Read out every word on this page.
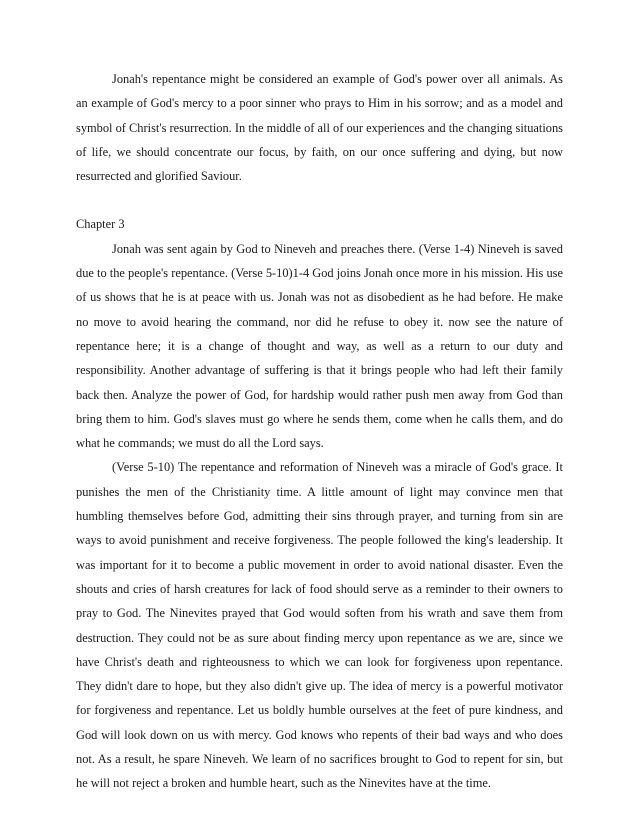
Jonah's repentance might be considered an example of God's power over all animals. As an example of God's mercy to a poor sinner who prays to Him in his sorrow; and as a model and symbol of Christ's resurrection. In the middle of all of our experiences and the changing situations of life, we should concentrate our focus, by faith, on our once suffering and dying, but now resurrected and glorified Saviour.

Chapter 3

Jonah was sent again by God to Nineveh and preaches there. (Verse 1-4) Nineveh is saved due to the people's repentance. (Verse 5-10)1-4 God joins Jonah once more in his mission. His use of us shows that he is at peace with us. Jonah was not as disobedient as he had before. He make no move to avoid hearing the command, nor did he refuse to obey it. now see the nature of repentance here; it is a change of thought and way, as well as a return to our duty and responsibility. Another advantage of suffering is that it brings people who had left their family back then. Analyze the power of God, for hardship would rather push men away from God than bring them to him. God's slaves must go where he sends them, come when he calls them, and do what he commands; we must do all the Lord says.

(Verse 5-10) The repentance and reformation of Nineveh was a miracle of God's grace. It punishes the men of the Christianity time. A little amount of light may convince men that humbling themselves before God, admitting their sins through prayer, and turning from sin are ways to avoid punishment and receive forgiveness. The people followed the king's leadership. It was important for it to become a public movement in order to avoid national disaster. Even the shouts and cries of harsh creatures for lack of food should serve as a reminder to their owners to pray to God. The Ninevites prayed that God would soften from his wrath and save them from destruction. They could not be as sure about finding mercy upon repentance as we are, since we have Christ's death and righteousness to which we can look for forgiveness upon repentance. They didn't dare to hope, but they also didn't give up. The idea of mercy is a powerful motivator for forgiveness and repentance. Let us boldly humble ourselves at the feet of pure kindness, and God will look down on us with mercy. God knows who repents of their bad ways and who does not. As a result, he spare Nineveh. We learn of no sacrifices brought to God to repent for sin, but he will not reject a broken and humble heart, such as the Ninevites have at the time.
